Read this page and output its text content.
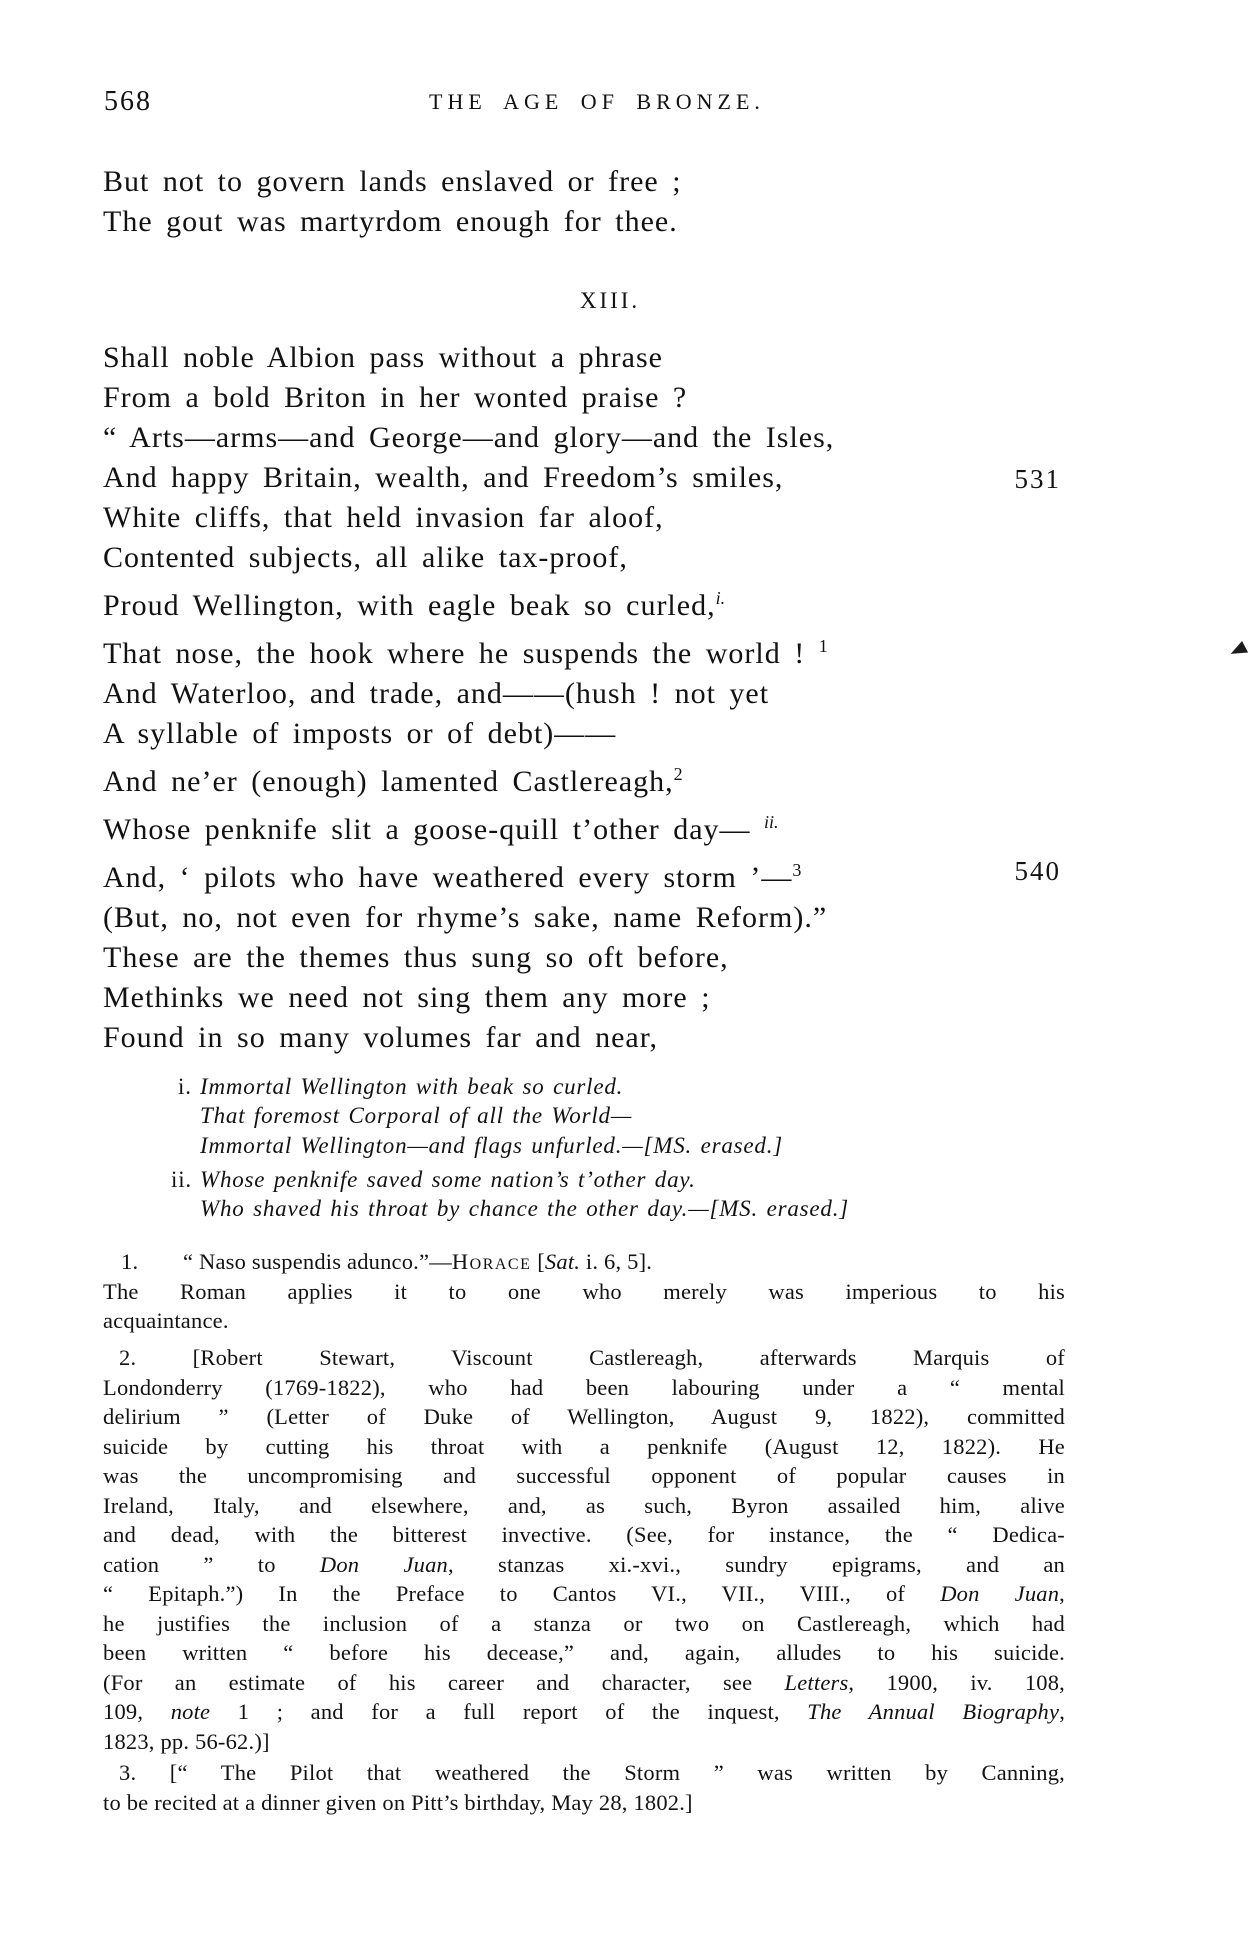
568	THE AGE OF BRONZE.
But not to govern lands enslaved or free ;
The gout was martyrdom enough for thee.
XIII.
Shall noble Albion pass without a phrase
From a bold Briton in her wonted praise ?
“ Arts—arms—and George—and glory—and the Isles,
And happy Britain, wealth, and Freedom’s smiles,	531
White cliffs, that held invasion far aloof,
Contented subjects, all alike tax-proof,
Proud Wellington, with eagle beak so curled,$^{i.}$
That nose, the hook where he suspends the world ! $^1$
And Waterloo, and trade, and——(hush ! not yet
A syllable of imposts or of debt)——
And ne’er (enough) lamented Castlereagh,$^2$
Whose penknife slit a goose-quill t’other day— $^{ii.}$
And, ‘ pilots who have weathered every storm ’—$^3$	540
(But, no, not even for rhyme’s sake, name Reform).”
These are the themes thus sung so oft before,
Methinks we need not sing them any more ;
Found in so many volumes far and near,
i. Immortal Wellington with beak so curled.
That foremost Corporal of all the World—
Immortal Wellington—and flags unfurled.—[MS. erased.]
ii. Whose penknife saved some nation’s t’other day.
Who shaved his throat by chance the other day.—[MS. erased.]
1. “ Naso suspendis adunco.”—Horace [Sat. i. 6, 5].
The Roman applies it to one who merely was imperious to his
acquaintance.
2. [Robert Stewart, Viscount Castlereagh, afterwards Marquis of
Londonderry (1769-1822), who had been labouring under a “ mental
delirium ” (Letter of Duke of Wellington, August 9, 1822), committed
suicide by cutting his throat with a penknife (August 12, 1822). He
was the uncompromising and successful opponent of popular causes in
Ireland, Italy, and elsewhere, and, as such, Byron assailed him, alive
and dead, with the bitterest invective. (See, for instance, the “ Dedica-
cation ” to Don Juan, stanzas xi.-xvi., sundry epigrams, and an
“ Epitaph.”) In the Preface to Cantos VI., VII., VIII., of Don Juan,
he justifies the inclusion of a stanza or two on Castlereagh, which had
been written “ before his decease,” and, again, alludes to his suicide.
(For an estimate of his career and character, see Letters, 1900, iv. 108,
109, note 1 ; and for a full report of the inquest, The Annual Biography,
1823, pp. 56-62.)]
3. [“ The Pilot that weathered the Storm ” was written by Canning,
to be recited at a dinner given on Pitt’s birthday, May 28, 1802.]
